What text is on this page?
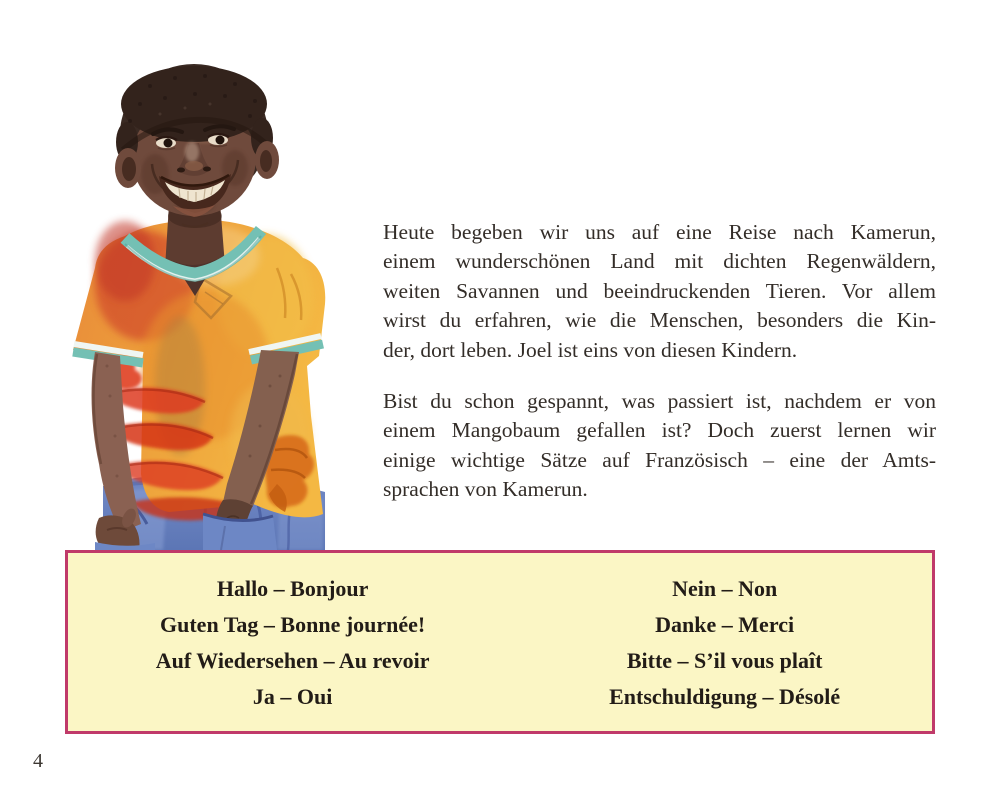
Heute begeben wir uns auf eine Reise nach Kamerun,
einem wunderschönen Land mit dichten Regenwäldern,
weiten Savannen und beeindruckenden Tieren. Vor allem
wirst du erfahren, wie die Menschen, besonders die Kin-
der, dort leben. Joel ist eins von diesen Kindern.
Bist du schon gespannt, was passiert ist, nachdem er von
einem Mangobaum gefallen ist? Doch zuerst lernen wir
einige wichtige Sätze auf Französisch – eine der Amts-
sprachen von Kamerun.
Hallo – Bonjour
Guten Tag – Bonne journée!
Auf Wiedersehen – Au revoir
Ja – Oui
Nein – Non
Danke – Merci
Bitte – S’il vous plaît
Entschuldigung – Désolé
4
